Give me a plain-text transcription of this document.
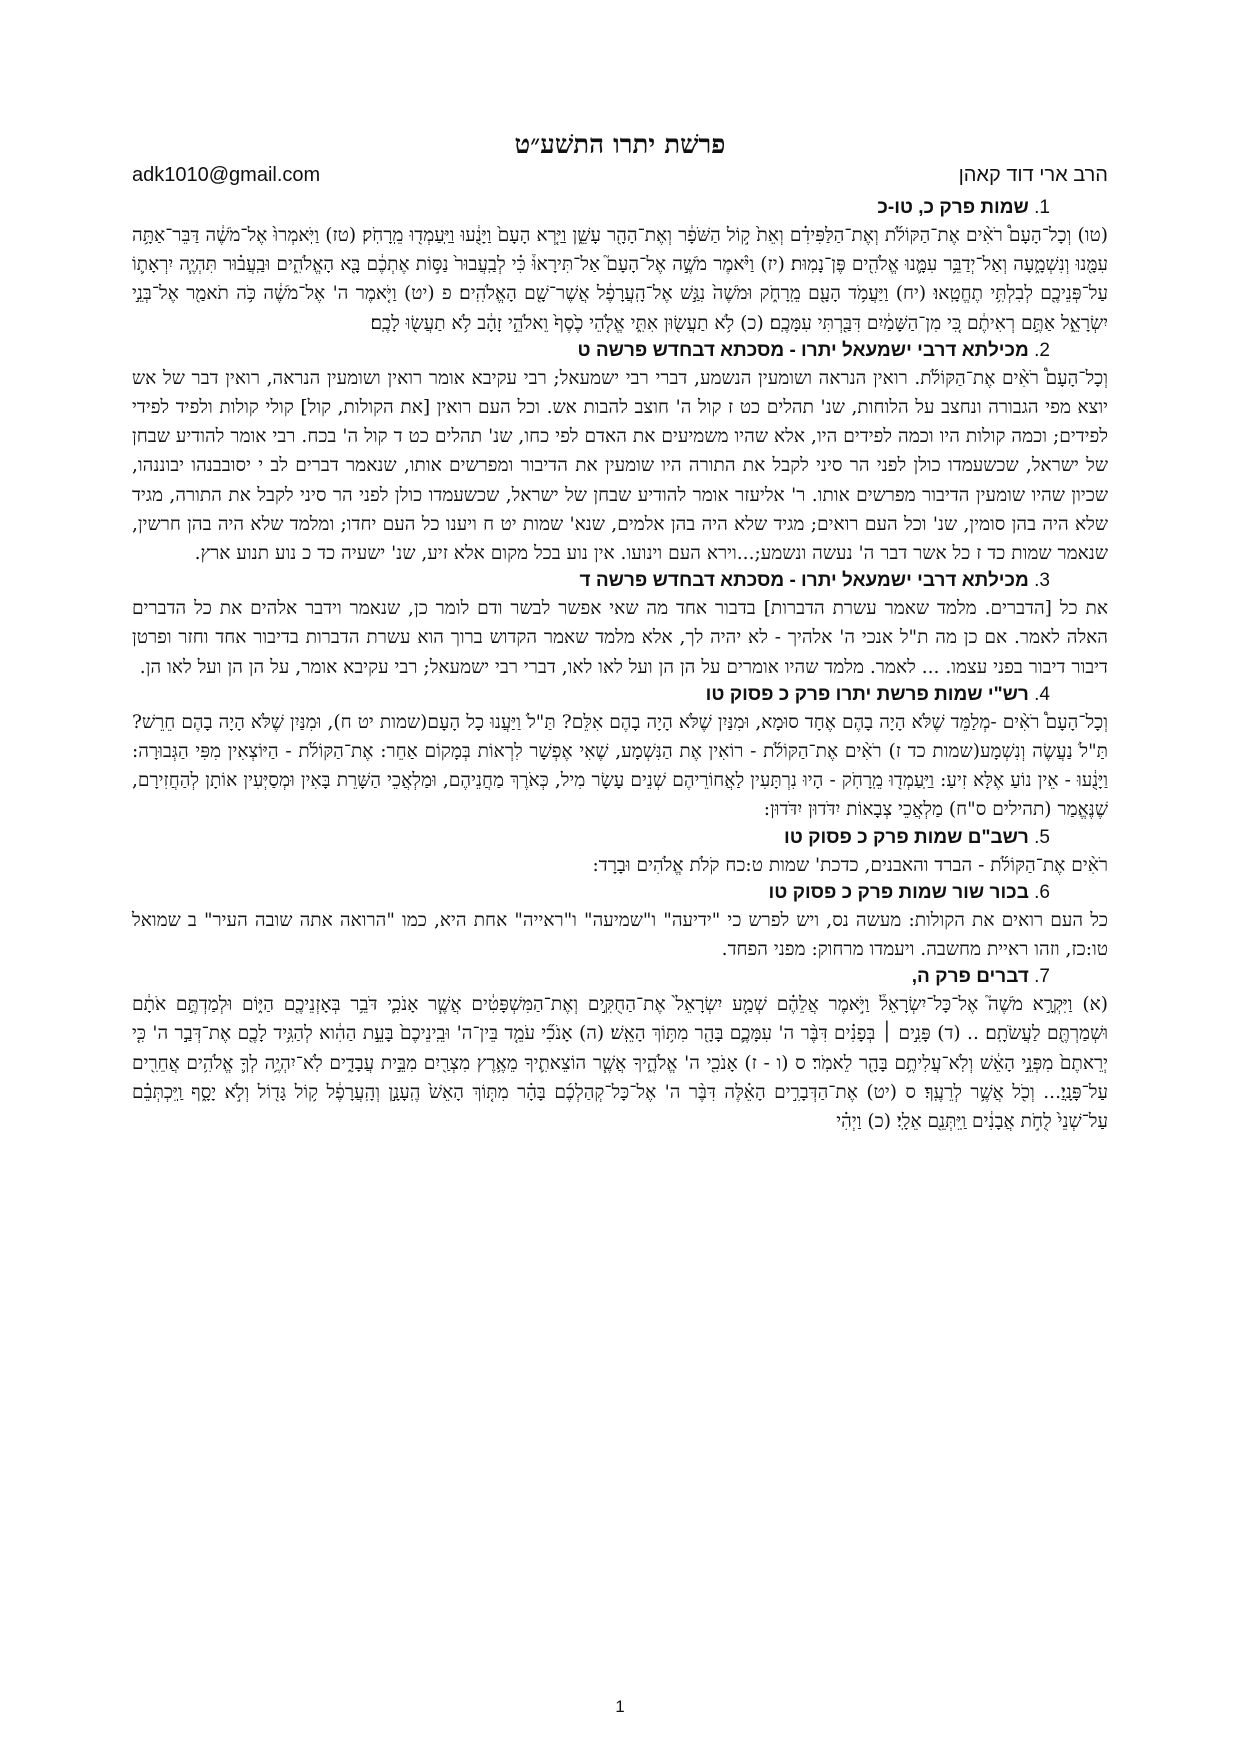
פרשׁת יתרו התשׁע״ט
הרב ארי דוד קאהן
adk1010@gmail.com
1. שמות פרק כ, טו-כ

(טו) וְכָל־הָעָם֩ רֹאִ֨ים אֶת־הַקּוֹלֹ֜ת וְאֶת־הַלַּפִּידִ֗ם וְאֵת֙ ק֣וֹל הַשֹּׁפָ֔ר וְאֶת־הָהָ֖ר עָשֵׁ֑ן וַיַּ֤רְא הָעָם֙ וַיָּנֻ֔עוּ וַיַּֽעַמְד֖וּ מֵֽרָחֹֽק׃ (טז) וַיֹּֽאמְרוּ֙ אֶל־מֹשֶׁ֔ה דַּבֵּר־אַתָּ֥ה עִמָּ֖נוּ וְנִשְׁמָ֑עָה וְאַל־יְדַבֵּ֥ר עִמָּ֛נוּ אֱלֹהִ֖ים פֶּן־נָמֽוּת׃ (יז) וַיֹּ֨אמֶר מֹשֶׁ֣ה אֶל־הָעָם֮ אַל־תִּירָאוּ֒ כִּ֗י לְבַֽעֲבוּר֙ נַסּ֣וֹת אֶתְכֶ֔ם בָּ֖א הָאֱלֹהִ֑ים וּבַֽעֲב֗וּר תִּהְיֶ֧ה יִרְאָת֛וֹ עַל־פְּנֵיכֶ֖ם לְבִלְתִּ֥י תֶחֱטָֽאוּ׃ (יח) וַיַּעֲמֹ֥ד הָעָ֖ם מֵֽרָחֹ֑ק וּמֹשֶׁה֙ נִגַּ֣שׁ אֶל־הָֽעֲרָפֶ֔ל אֲשֶׁר־שָׁ֖ם הָאֱלֹהִֽים׃ פ (יט) וַיֹּ֤אמֶר ה' אֶל־מֹשֶׁ֔ה כֹּ֥ה תֹאמַ֖ר אֶל־בְּנֵ֣י יִשְׂרָאֵ֑ל אַתֶּ֣ם רְאִיתֶ֔ם כִּ֚י מִן־הַשָּׁמַ֔יִם דִּבַּ֖רְתִּי עִמָּכֶֽם׃ (כ) לֹ֥א תַעֲשׂ֖וּן אִתִּ֑י אֱלֹ֤הֵי כֶ֙סֶף֙ וֵאלֹהֵ֣י זָהָ֔ב לֹ֥א תַעֲשׂ֖וּ לָכֶֽם׃

2. מכילתא דרבי ישמעאל יתרו - מסכתא דבחדש פרשה ט

וְכָל־הָעָם֩ רֹאִ֨ים אֶת־הַקּוֹלֹ֜ת. רואין הנראה ושומעין הנשמע, דברי רבי ישמעאל; רבי עקיבא אומר רואין ושומעין הנראה, רואין דבר של אש יוצא מפי הגבורה ונחצב על הלוחות, שנ' תהלים כט ז קול ה' חוצב להבות אש. וכל העם רואין [את הקולות, קול] קולי קולות ולפיד לפידי לפידים; וכמה קולות היו וכמה לפידים היו, אלא שהיו משמיעים את האדם לפי כחו, שנ' תהלים כט ד קול ה' בכח. רבי אומר להודיע שבחן של ישראל, שכשעמדו כולן לפני הר סיני לקבל את התורה היו שומעין את הדיבור ומפרשים אותו, שנאמר דברים לב י יסובבנהו יבוננהו, שכיון שהיו שומעין הדיבור מפרשים אותו. ר' אליעזר אומר להודיע שבחן של ישראל, שכשעמדו כולן לפני הר סיני לקבל את התורה, מגיד שלא היה בהן סומין, שנ' וכל העם רואים; מגיד שלא היה בהן אלמים, שנא' שמות יט ח ויענו כל העם יחדו; ומלמד שלא היה בהן חרשין, שנאמר שמות כד ז כל אשר דבר ה' נעשה ונשמע;...וירא העם וינועו. אין נוע בכל מקום אלא זיע, שנ' ישעיה כד כ נוע תנוע ארץ.

3. מכילתא דרבי ישמעאל יתרו - מסכתא דבחדש פרשה ד

את כל [הדברים. מלמד שאמר עשרת הדברות] בדבור אחד מה שאי אפשר לבשר ודם לומר כן, שנאמר וידבר אלהים את כל הדברים האלה לאמר. אם כן מה ת"ל אנכי ה' אלהיך - לא יהיה לך, אלא מלמד שאמר הקדוש ברוך הוא עשרת הדברות בדיבור אחד וחזר ופרטן דיבור דיבור בפני עצמו. ... לאמר. מלמד שהיו אומרים על הן הן ועל לאו לאו, דברי רבי ישמעאל; רבי עקיבא אומר, על הן הן ועל לאו הן.

4. רש"י שמות פרשת יתרו פרק כ פסוק טו

וְכָל־הָעָם֩ רֹאִ֨ים -מְלַמֵּד שֶׁלֹּא הָיָה בָהֶם אֶחָד סוּמָא, וּמִנַּיִן שֶׁלֹּא הָיָה בָהֶם אִלֵּם? תַּ"לֹ וַיַּעֲנוּ כָל הָעָם(שמות יט ח), וּמִנַּיִן שֶׁלֹּא הָיָה בָהֶם חֵרֵשׁ? תַּ"לֹ נַעֲשֶׂה וְנִשְׁמָע(שמות כד ז) רֹאִ֨ים אֶת־הַקּוֹלֹ֜ת - רוֹאִין אֶת הַנִּשְׁמָע, שֶׁאִי אֶפְשָׁר לִרְאוֹת בְּמָקוֹם אַחֵר: אֶת־הַקּוֹלֹ֜ת - הַיּוֹצְאִין מִפִּי הַגְּבוּרָה: וַיָּנֻ֔עוּ - אֵין נוֹעַ אֶלָּא זִיעַ: וַיַּֽעַמְד֖וּ מֵֽרָחֹֽק - הָיוּ נִרְתָּעִין לַאֲחוֹרֵיהֶם שְׁנֵים עָשָׂר מִיל, כְּאֹרֶךְ מַחֲנֵיהֶם, וּמַלְאֲכֵי הַשָּׁרֵת בָּאִין וּמְסַיְּעִין אוֹתָן לְהַחֲזִירָם, שֶׁנֶּאֱמַר (תהילים ס"ח) מַלְאֲכֵי צְבָאוֹת יִדֹּדוּן יִדֹּדוּן:

5. רשב"ם שמות פרק כ פסוק טו

רֹאִ֨ים אֶת־הַקּוֹלֹ֜ת - הברד והאבנים, כדכת' שמות ט:כח קֹלֹת אֱלֹהִים וּבָרָד:

6. בכור שור שמות פרק כ פסוק טו

כל העם רואים את הקולות: מעשה נס, ויש לפרש כי "ידיעה" ו"שמיעה" ו"ראייה" אחת היא, כמו "הרואה אתה שובה העיר" ב שמואל טו:כז, וזהו ראיית מחשבה. ויעמדו מרחוק: מפני הפחד.

7. דברים פרק ה,

(א) וַיִּקְרָ֣א מֹשֶׁה֮ אֶל־כָּל־יִשְׂרָאֵל֒ וַיֹּ֣אמֶר אֲלֵהֶ֗ם שְׁמַ֤ע יִשְׂרָאֵל֙ אֶת־הַחֻקִּ֣ים וְאֶת־הַמִּשְׁפָּטִ֔ים אֲשֶׁ֧ר אָנֹכִ֛י דֹּבֵ֥ר בְּאָזְנֵיכֶ֖ם הַיּ֑וֹם וּלְמַדְתֶּ֣ם אֹתָ֔ם וּשְׁמַרְתֶּ֖ם לַעֲשֹׂתָֽם׃ .. (ד) פָּנִ֣ים ׀ בְּפָנִ֗ים דִּבֶּ֨ר ה' עִמָּכֶ֛ם בָּהָ֖ר מִתּ֥וֹךְ הָאֵֽשׁ׃ (ה) אָנֹכִ֞י עֹמֵ֤ד בֵּין־ה' וּבֵֽינֵיכֶם֙ בָּעֵ֣ת הַהִ֔וא לְהַגִּ֥יד לָכֶ֖ם אֶת־דְּבַ֣ר ה' כִּ֤י יְרֵאתֶם֙ מִפְּנֵ֣י הָאֵ֔שׁ וְלֹֽא־עֲלִיתֶ֥ם בָּהָ֖ר לֵאמֹֽר׃ ס (ו - ז) אָנֹכִ֖י ה' אֱלֹהֶ֑יךָ אֲשֶׁ֧ר הוֹצֵאתִ֛יךָ מֵאֶ֥רֶץ מִצְרַ֖יִם מִבֵּ֣ית עֲבָדִ֑ים לֹֽא־יִהְיֶ֥ה לְךָ֛ אֱלֹהִ֥ים אֲחֵרִ֖ים עַל־פָּנָֽיַ׃... וְכֹ֖ל אֲשֶׁ֥ר לְרֵעֶֽךָ׃ ס (יט) אֶת־הַדְּבָרִ֣ים הָאֵ֗לֶּה דִּבֶּ֨ר ה' אֶל־כָּל־קְהַלְכֶ֜ם בָּהָ֗ר מִתּ֤וֹךְ הָאֵשׁ֙ הֶֽעָנָ֣ן וְהָֽעֲרָפֶ֔ל ק֥וֹל גָּד֖וֹל וְלֹ֣א יָסָ֑ף וַֽיִּכְתְּבֵ֗ם עַל־שְׁנֵי֙ לֻחֹ֣ת אֲבָנִ֔ים וַֽיִּתְּנֵ֖ם אֵלָֽי׃ (כ) וַיְהִ֗י

1
